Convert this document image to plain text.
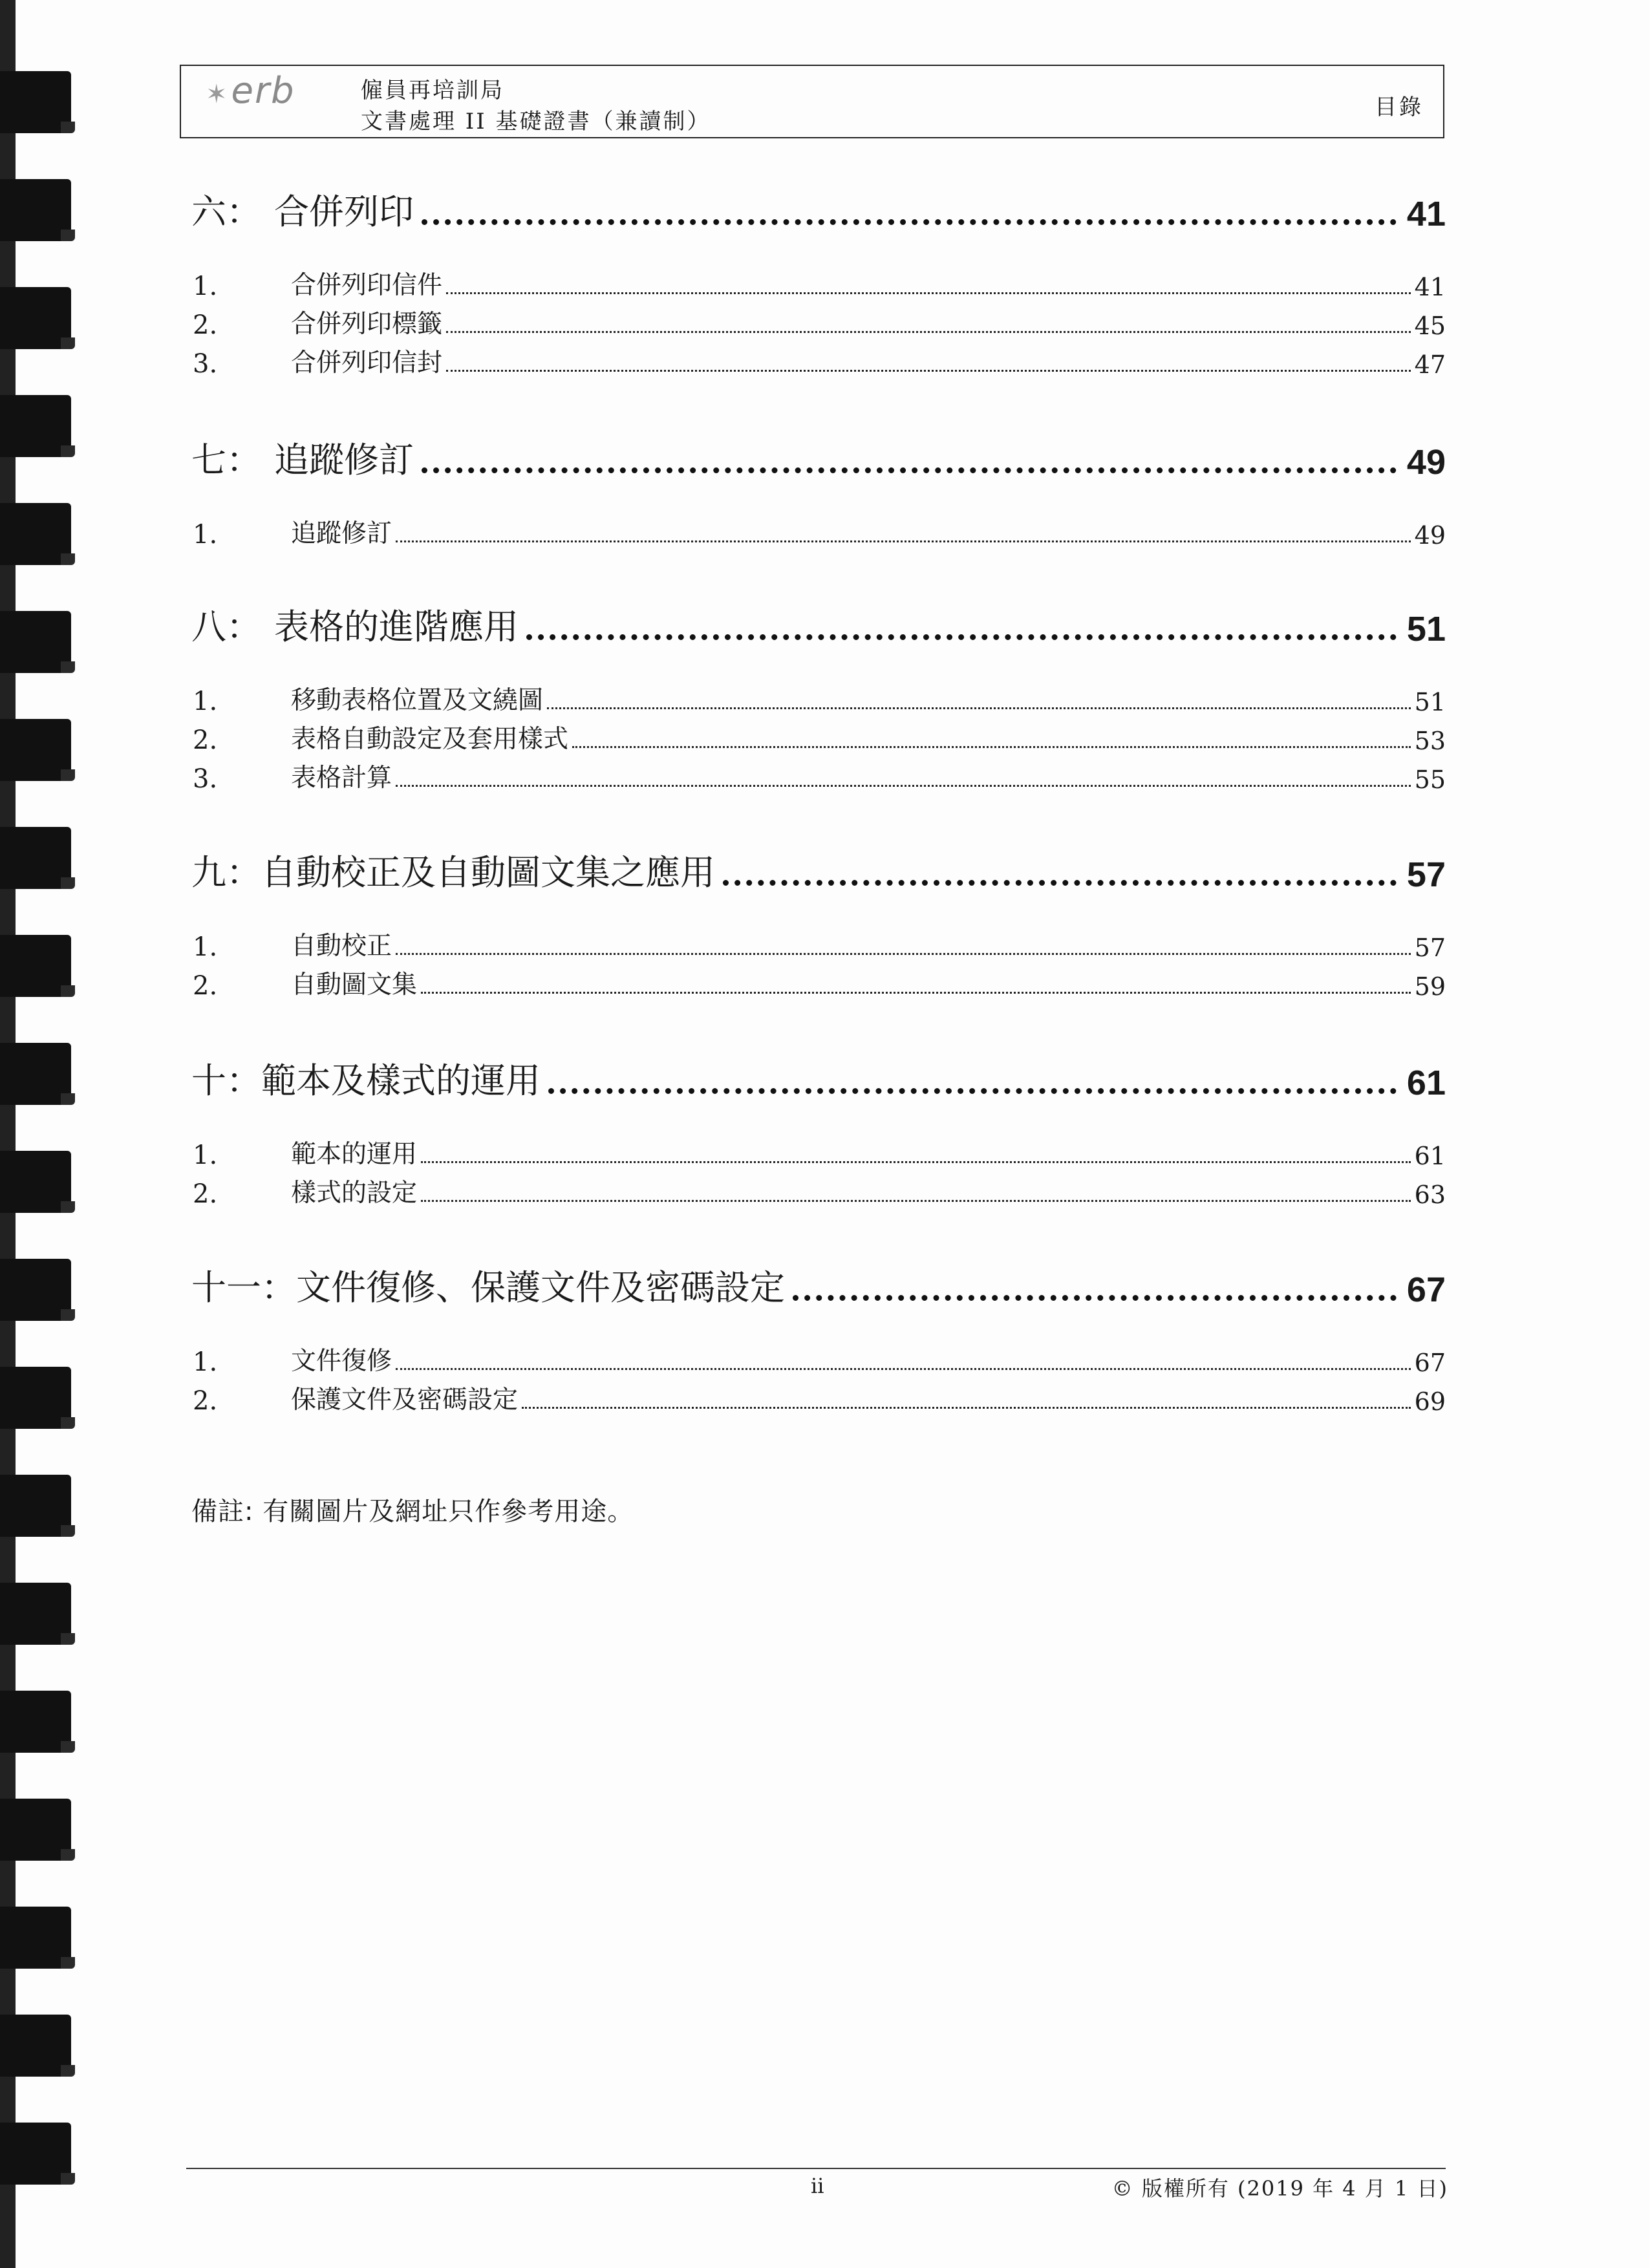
✶erb	僱員再培訓局
文書處理 II 基礎證書（兼讀制）
目錄
六： 合併列印	41
1.	合併列印信件	41
2.	合併列印標籤	45
3.	合併列印信封	47
七： 追蹤修訂	49
1.	追蹤修訂	49
八： 表格的進階應用	51
1.	移動表格位置及文繞圖	51
2.	表格自動設定及套用樣式	53
3.	表格計算	55
九： 自動校正及自動圖文集之應用	57
1.	自動校正	57
2.	自動圖文集	59
十： 範本及樣式的運用	61
1.	範本的運用	61
2.	樣式的設定	63
十一： 文件復修、保護文件及密碼設定	67
1.	文件復修	67
2.	保護文件及密碼設定	69
備註: 有關圖片及網址只作參考用途。
ii	© 版權所有 (2019 年 4 月 1 日)
